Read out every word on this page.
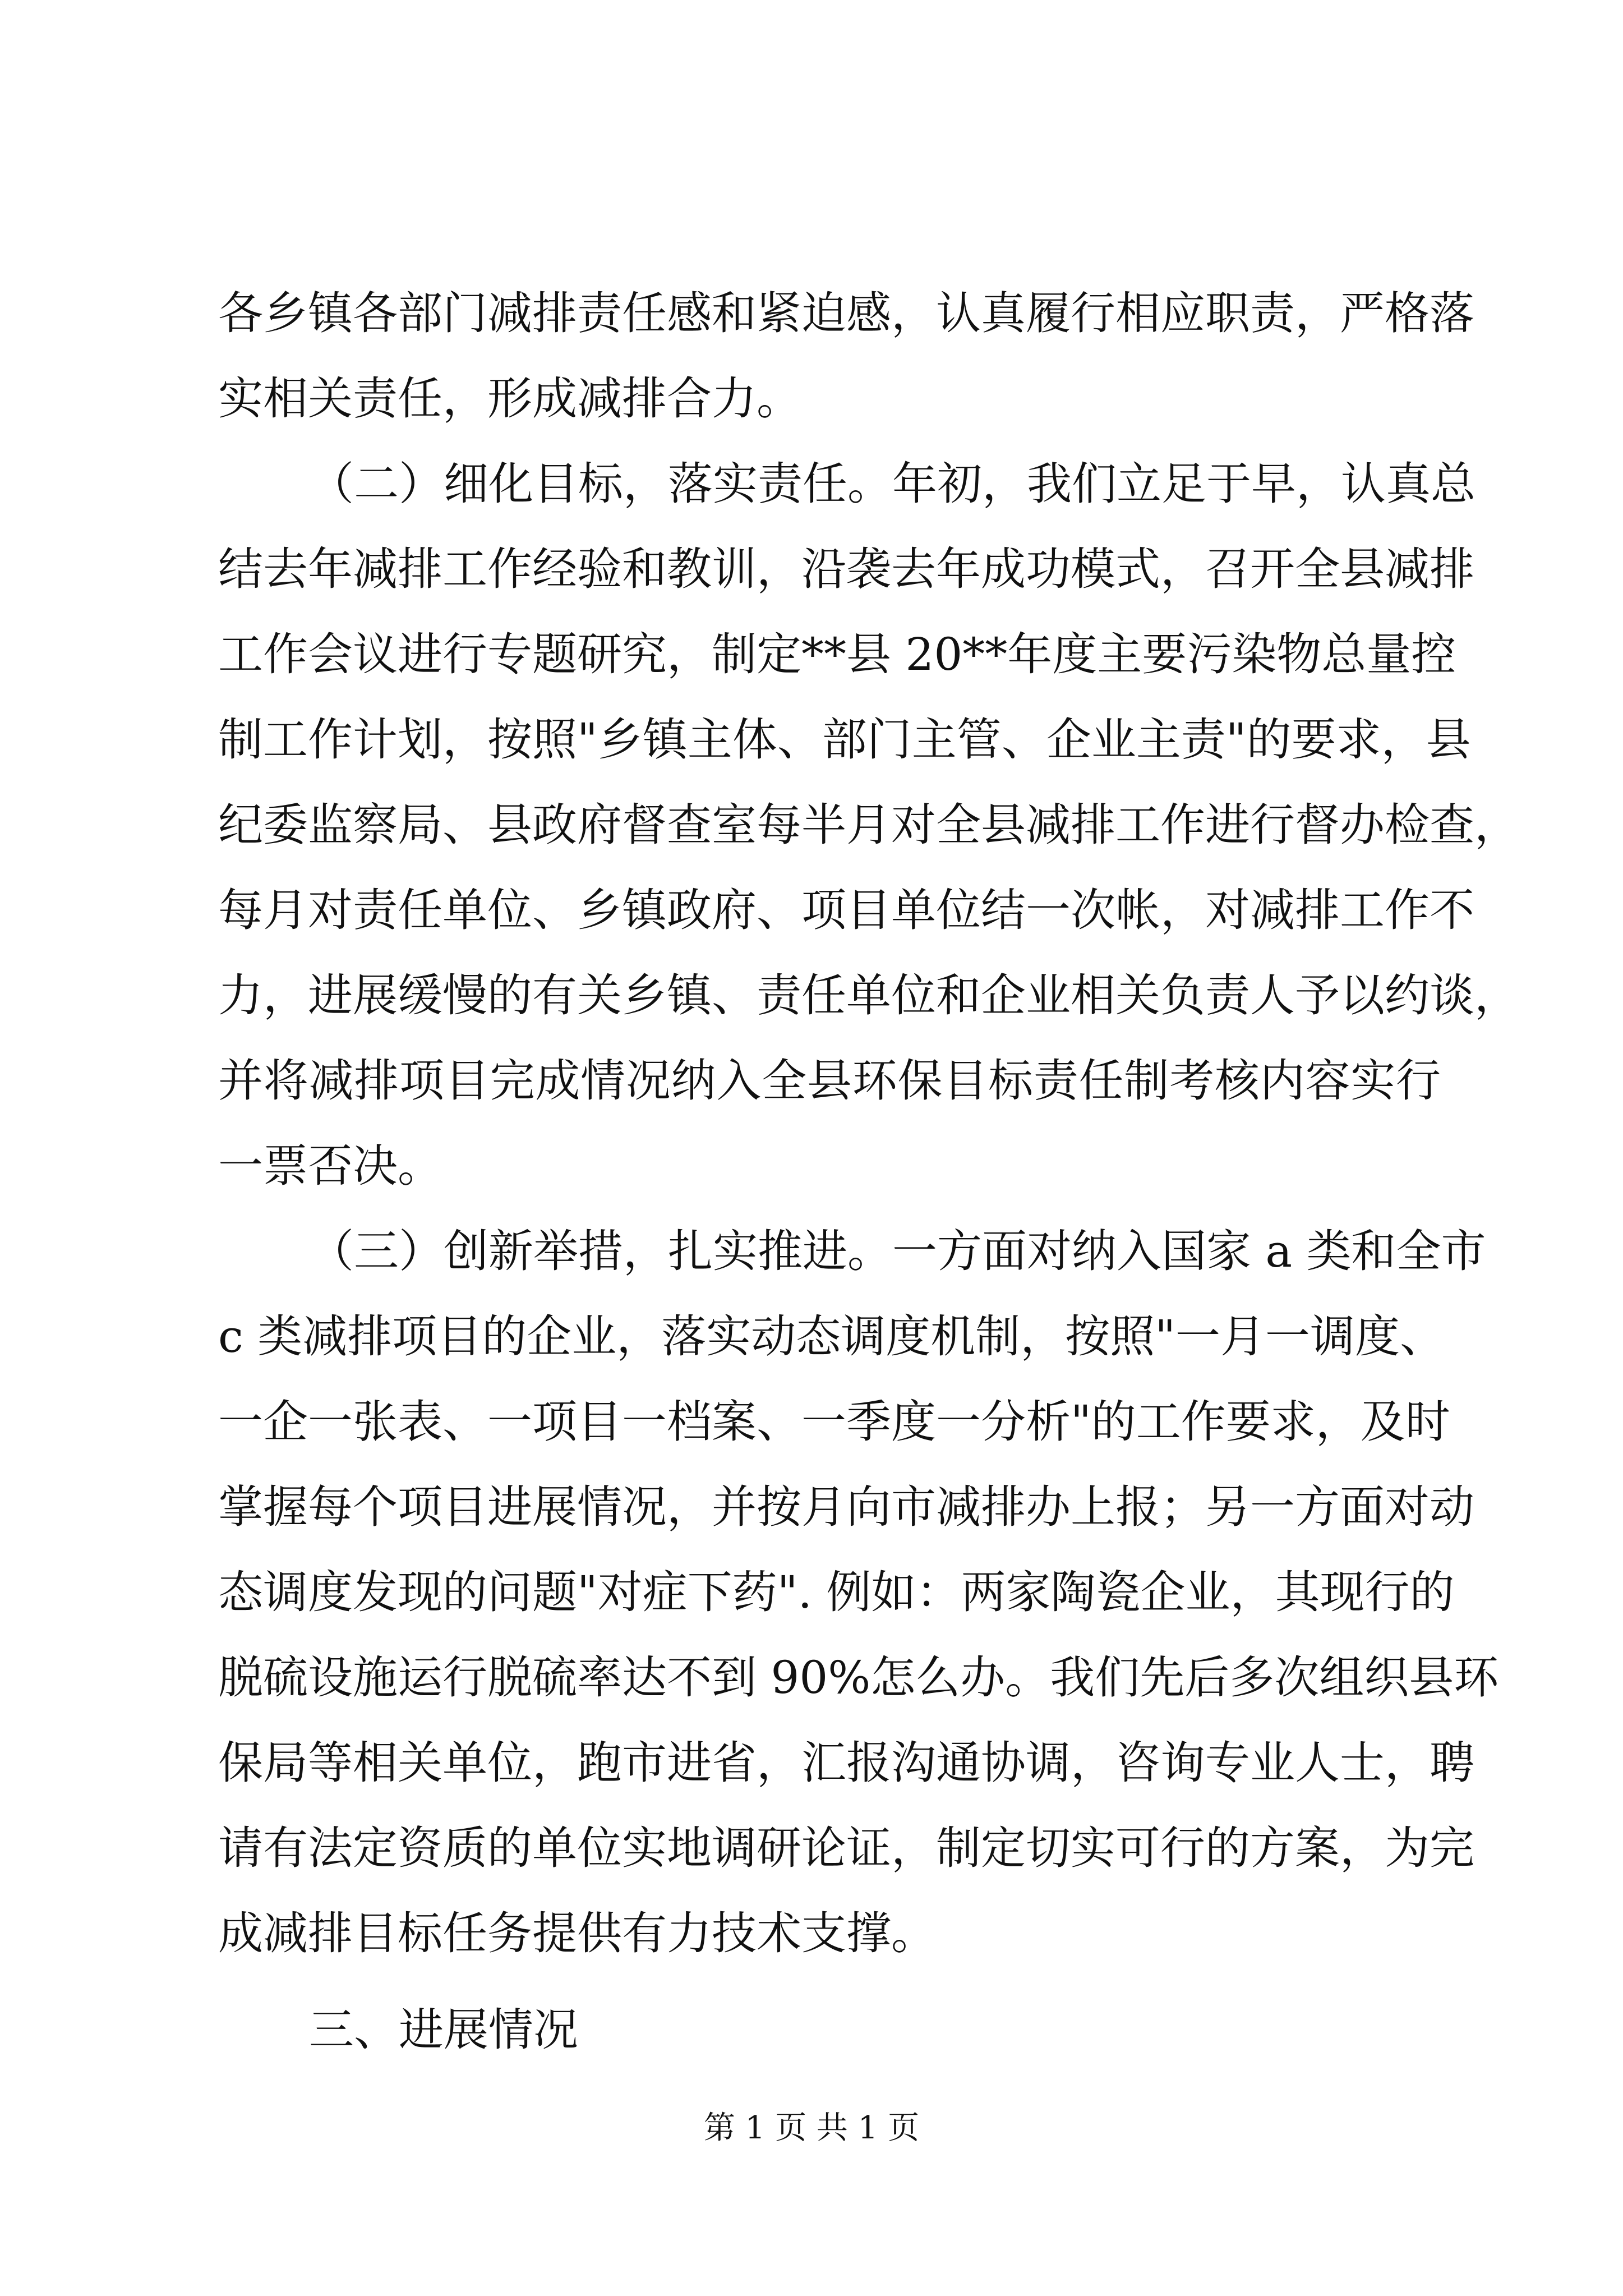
各乡镇各部门减排责任感和紧迫感，认真履行相应职责，严格落
实相关责任，形成减排合力。
（二）细化目标，落实责任。年初，我们立足于早，认真总
结去年减排工作经验和教训，沿袭去年成功模式，召开全县减排
工作会议进行专题研究，制定**县 20**年度主要污染物总量控
制工作计划，按照"乡镇主体、部门主管、企业主责"的要求，县
纪委监察局、县政府督查室每半月对全县减排工作进行督办检查，
每月对责任单位、乡镇政府、项目单位结一次帐，对减排工作不
力，进展缓慢的有关乡镇、责任单位和企业相关负责人予以约谈，
并将减排项目完成情况纳入全县环保目标责任制考核内容实行
一票否决。
（三）创新举措，扎实推进。一方面对纳入国家 a 类和全市
c 类减排项目的企业，落实动态调度机制，按照"一月一调度、
一企一张表、一项目一档案、一季度一分析"的工作要求，及时
掌握每个项目进展情况，并按月向市减排办上报；另一方面对动
态调度发现的问题"对症下药". 例如：两家陶瓷企业，其现行的
脱硫设施运行脱硫率达不到 90%怎么办。我们先后多次组织县环
保局等相关单位，跑市进省，汇报沟通协调，咨询专业人士，聘
请有法定资质的单位实地调研论证，制定切实可行的方案，为完
成减排目标任务提供有力技术支撑。
第 1 页 共 1 页
三、进展情况
